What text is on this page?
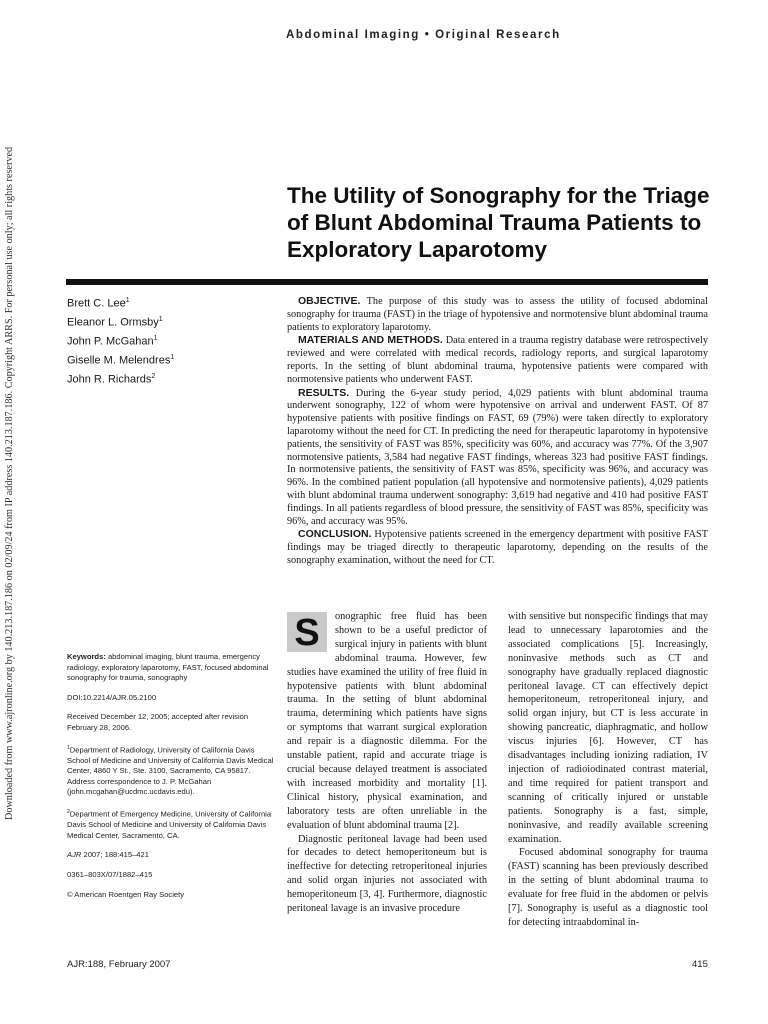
Abdominal Imaging • Original Research
Downloaded from www.ajronline.org by 140.213.187.186 on 02/09/24 from IP address 140.213.187.186. Copyright ARRS. For personal use only; all rights reserved	The Utility of Sonography for the Triage of Blunt Abdominal Trauma Patients to Exploratory Laparotomy
Brett C. Lee$^1$
Eleanor L. Ormsby$^1$
John P. McGahan$^1$
Giselle M. Melendres$^1$
John R. Richards$^2$

OBJECTIVE. The purpose of this study was to assess the utility of focused abdominal sonography for trauma (FAST) in the triage of hypotensive and normotensive blunt abdominal trauma patients to exploratory laparotomy.

MATERIALS AND METHODS. Data entered in a trauma registry database were retrospectively reviewed and were correlated with medical records, radiology reports, and surgical laparotomy reports. In the setting of blunt abdominal trauma, hypotensive patients were compared with normotensive patients who underwent FAST.

RESULTS. During the 6-year study period, 4,029 patients with blunt abdominal trauma underwent sonography, 122 of whom were hypotensive on arrival and underwent FAST. Of 87 hypotensive patients with positive findings on FAST, 69 (79%) were taken directly to exploratory laparotomy without the need for CT. In predicting the need for therapeutic laparotomy in hypotensive patients, the sensitivity of FAST was 85%, specificity was 60%, and accuracy was 77%. Of the 3,907 normotensive patients, 3,584 had negative FAST findings, whereas 323 had positive FAST findings. In normotensive patients, the sensitivity of FAST was 85%, specificity was 96%, and accuracy was 96%. In the combined patient population (all hypotensive and normotensive patients), 4,029 patients with blunt abdominal trauma underwent sonography: 3,619 had negative and 410 had positive FAST findings. In all patients regardless of blood pressure, the sensitivity of FAST was 85%, specificity was 96%, and accuracy was 95%.

CONCLUSION. Hypotensive patients screened in the emergency department with positive FAST findings may be triaged directly to therapeutic laparotomy, depending on the results of the sonography examination, without the need for CT.

Keywords: abdominal imaging, blunt trauma, emergency radiology, exploratory laparotomy, FAST, focused abdominal sonography for trauma, sonography

DOI:10.2214/AJR.05.2100

Received December 12, 2005; accepted after revision February 28, 2006.

$^1$Department of Radiology, University of California Davis School of Medicine and University of California Davis Medical Center, 4860 Y St., Ste. 3100, Sacramento, CA 95817. Address correspondence to J. P. McGahan (john.mcgahan@ucdmc.ucdavis.edu).

$^2$Department of Emergency Medicine, University of California Davis School of Medicine and University of California Davis Medical Center, Sacramento, CA.

AJR 2007; 188:415–421

0361–803X/07/1882–415

© American Roentgen Ray Society

S	onographic free fluid has been shown to be a useful predictor of surgical injury in patients with blunt abdominal trauma. However, few studies have examined the utility of free fluid in hypotensive patients with blunt abdominal trauma. In the setting of blunt abdominal trauma, determining which patients have signs or symptoms that warrant surgical exploration and repair is a diagnostic dilemma. For the unstable patient, rapid and accurate triage is crucial because delayed treatment is associated with increased morbidity and mortality [1]. Clinical history, physical examination, and laboratory tests are often unreliable in the evaluation of blunt abdominal trauma [2].

Diagnostic peritoneal lavage had been used for decades to detect hemoperitoneum but is ineffective for detecting retroperitoneal injuries and solid organ injuries not associated with hemoperitoneum [3, 4]. Furthermore, diagnostic peritoneal lavage is an invasive procedure

with sensitive but nonspecific findings that may lead to unnecessary laparotomies and the associated complications [5]. Increasingly, noninvasive methods such as CT and sonography have gradually replaced diagnostic peritoneal lavage. CT can effectively depict hemoperitoneum, retroperitoneal injury, and solid organ injury, but CT is less accurate in showing pancreatic, diaphragmatic, and hollow viscus injuries [6]. However, CT has disadvantages including ionizing radiation, IV injection of radioiodinated contrast material, and time required for patient transport and scanning of critically injured or unstable patients. Sonography is a fast, simple, noninvasive, and readily available screening examination.

Focused abdominal sonography for trauma (FAST) scanning has been previously described in the setting of blunt abdominal trauma to evaluate for free fluid in the abdomen or pelvis [7]. Sonography is useful as a diagnostic tool for detecting intraabdominal in-

AJR:188, February 2007	415
